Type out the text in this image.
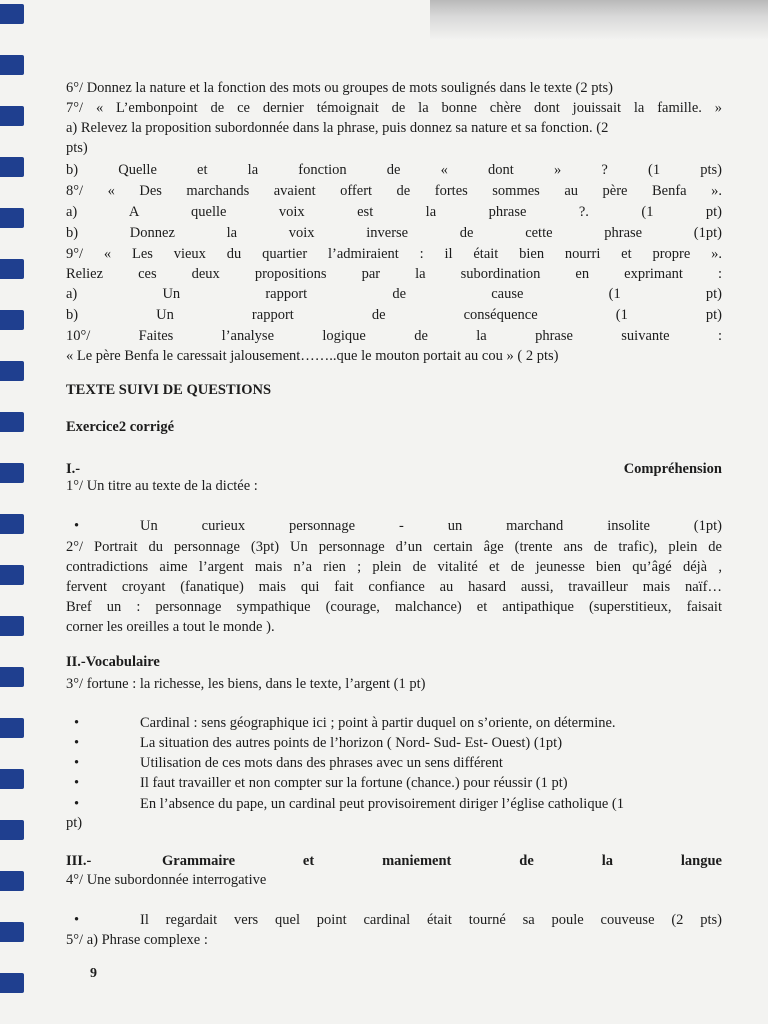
6°/ Donnez la nature et la fonction des mots ou groupes de mots soulignés dans le texte (2 pts)
7°/ « L’embonpoint de ce dernier témoignait de la bonne chère dont jouissait la famille. »
a) Relevez la proposition subordonnée dans la phrase, puis donnez sa nature et sa fonction. (2
pts)
b) Quelle et la fonction de « dont » ? (1 pts)
8°/ « Des marchands avaient offert de fortes sommes au père Benfa ».
a) A quelle voix est la phrase ?. (1 pt)
b) Donnez la voix inverse de cette phrase (1pt)
9°/ « Les vieux du quartier l’admiraient : il était bien nourri et propre ».
Reliez ces deux propositions par la subordination en exprimant :
a) Un rapport de cause (1 pt)
b) Un rapport de conséquence (1 pt)
10°/ Faites l’analyse logique de la phrase suivante :
« Le père Benfa le caressait jalousement……..que le mouton portait au cou » ( 2 pts)
TEXTE SUIVI DE QUESTIONS
Exercice2 corrigé
I.-	Compréhension
1°/ Un titre au texte de la dictée :
•	Un curieux personnage - un marchand insolite (1pt)
2°/ Portrait du personnage (3pt) Un personnage d’un certain âge (trente ans de trafic), plein de
contradictions aime l’argent mais n’a rien ; plein de vitalité et de jeunesse bien qu’âgé déjà ,
fervent croyant (fanatique) mais qui fait confiance au hasard aussi, travailleur mais naïf…
Bref un : personnage sympathique (courage, malchance) et antipathique (superstitieux, faisait
corner les oreilles a tout le monde ).
II.-Vocabulaire
3°/ fortune : la richesse, les biens, dans le texte, l’argent (1 pt)
•	Cardinal : sens géographique ici ; point à partir duquel on s’oriente, on détermine.
•	La situation des autres points de l’horizon ( Nord- Sud- Est- Ouest) (1pt)
•	Utilisation de ces mots dans des phrases avec un sens différent
•	Il faut travailler et non compter sur la fortune (chance.) pour réussir (1 pt)
•	En l’absence du pape, un cardinal peut provisoirement diriger l’église catholique (1
pt)
III.-	Grammaire et maniement de la langue
4°/ Une subordonnée interrogative
•	Il regardait vers quel point cardinal était tourné sa poule couveuse (2 pts)
5°/ a) Phrase complexe :
9
